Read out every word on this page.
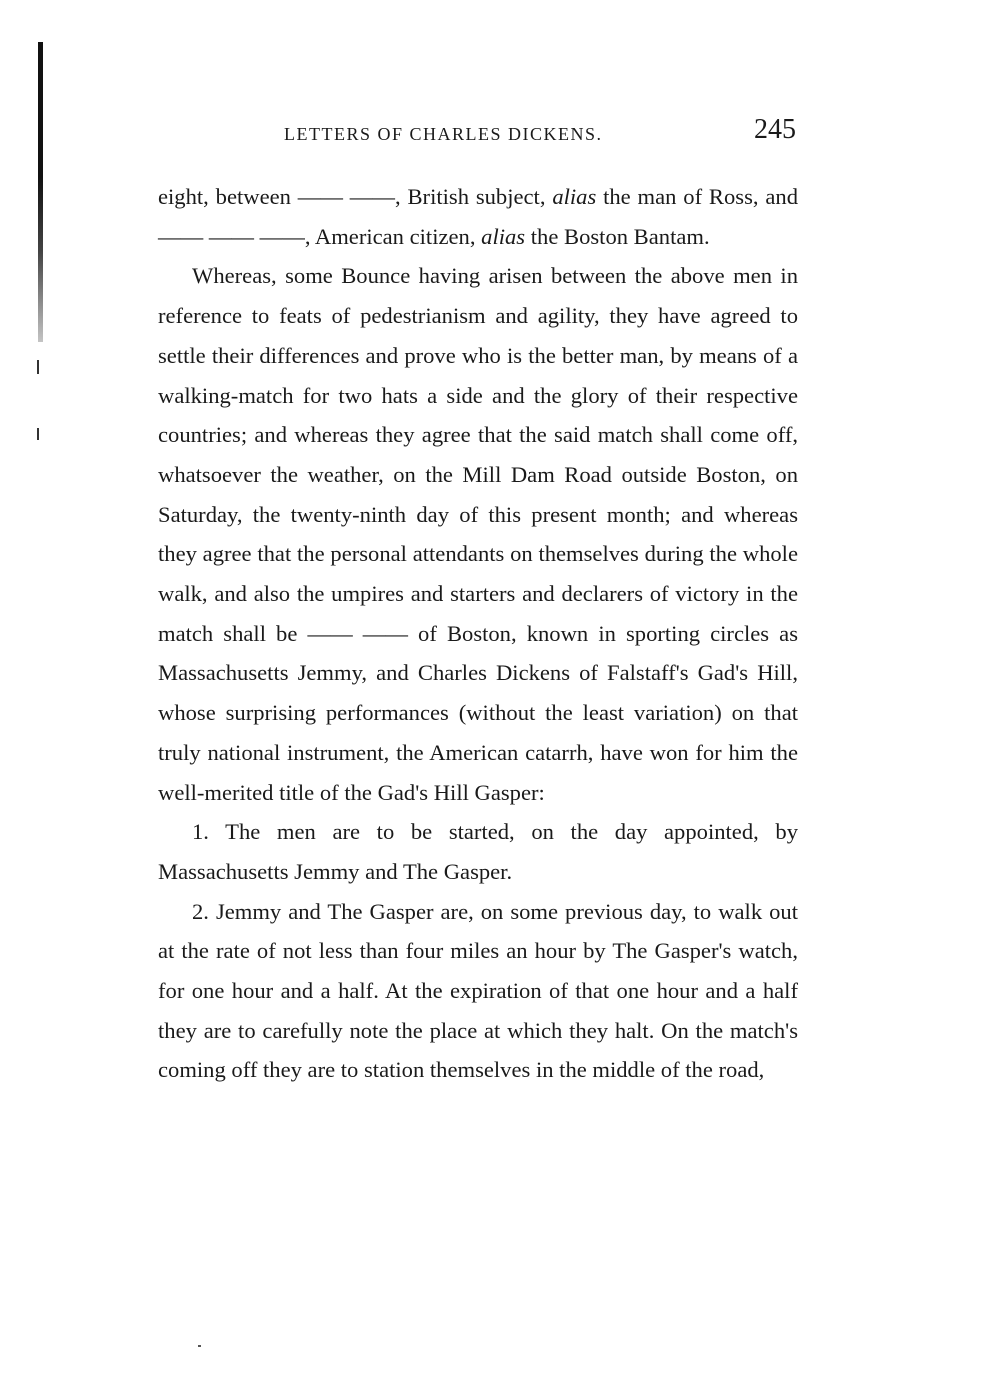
LETTERS OF CHARLES DICKENS.	245

eight, between —— ——, British subject, alias the man of Ross, and —— —— ——, American citizen, alias the Boston Bantam.

Whereas, some Bounce having arisen between the above men in reference to feats of pedestrianism and agility, they have agreed to settle their differences and prove who is the better man, by means of a walking-match for two hats a side and the glory of their respective countries; and whereas they agree that the said match shall come off, whatsoever the weather, on the Mill Dam Road outside Boston, on Saturday, the twenty-ninth day of this present month; and whereas they agree that the personal attendants on themselves during the whole walk, and also the umpires and starters and declarers of victory in the match shall be —— —— of Boston, known in sporting circles as Massachusetts Jemmy, and Charles Dickens of Falstaff's Gad's Hill, whose surprising performances (without the least variation) on that truly national instrument, the American catarrh, have won for him the well-merited title of the Gad's Hill Gasper:

1. The men are to be started, on the day appointed, by Massachusetts Jemmy and The Gasper.

2. Jemmy and The Gasper are, on some previous day, to walk out at the rate of not less than four miles an hour by The Gasper's watch, for one hour and a half. At the expiration of that one hour and a half they are to carefully note the place at which they halt. On the match's coming off they are to station themselves in the middle of the road,
